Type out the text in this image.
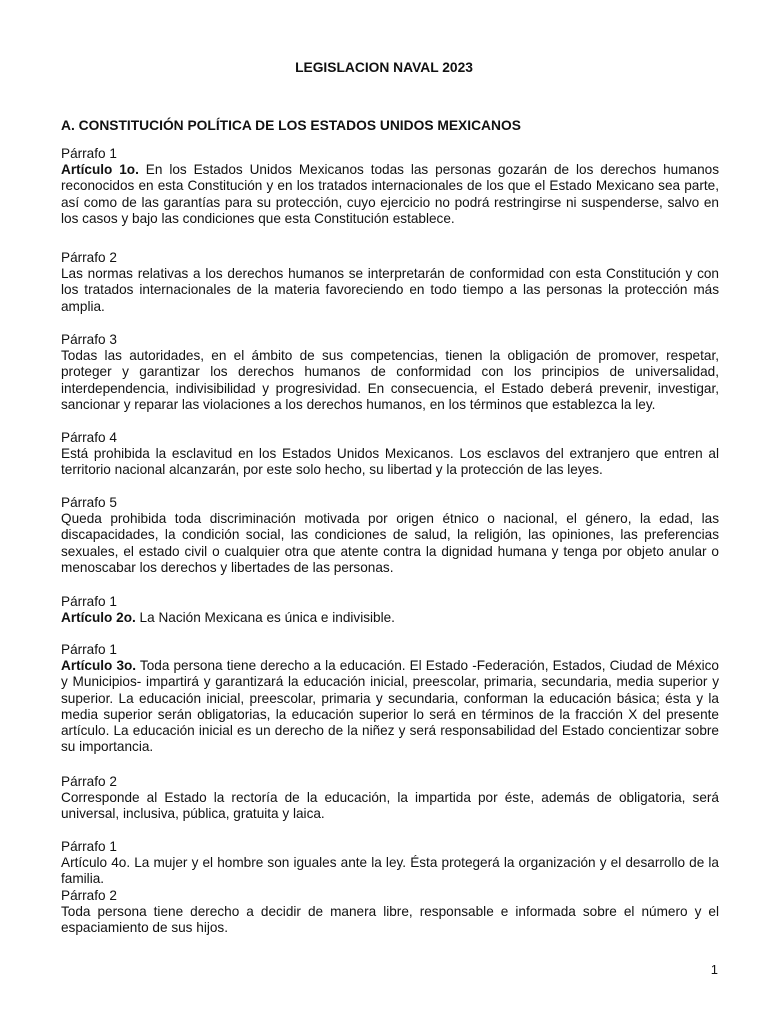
LEGISLACION NAVAL 2023
A. CONSTITUCIÓN POLÍTICA DE LOS ESTADOS UNIDOS MEXICANOS
Párrafo 1
Artículo 1o. En los Estados Unidos Mexicanos todas las personas gozarán de los derechos humanos reconocidos en esta Constitución y en los tratados internacionales de los que el Estado Mexicano sea parte, así como de las garantías para su protección, cuyo ejercicio no podrá restringirse ni suspenderse, salvo en los casos y bajo las condiciones que esta Constitución establece.
Párrafo 2
Las normas relativas a los derechos humanos se interpretarán de conformidad con esta Constitución y con los tratados internacionales de la materia favoreciendo en todo tiempo a las personas la protección más amplia.
Párrafo 3
Todas las autoridades, en el ámbito de sus competencias, tienen la obligación de promover, respetar, proteger y garantizar los derechos humanos de conformidad con los principios de universalidad, interdependencia, indivisibilidad y progresividad. En consecuencia, el Estado deberá prevenir, investigar, sancionar y reparar las violaciones a los derechos humanos, en los términos que establezca la ley.
Párrafo 4
Está prohibida la esclavitud en los Estados Unidos Mexicanos. Los esclavos del extranjero que entren al territorio nacional alcanzarán, por este solo hecho, su libertad y la protección de las leyes.
Párrafo 5
Queda prohibida toda discriminación motivada por origen étnico o nacional, el género, la edad, las discapacidades, la condición social, las condiciones de salud, la religión, las opiniones, las preferencias sexuales, el estado civil o cualquier otra que atente contra la dignidad humana y tenga por objeto anular o menoscabar los derechos y libertades de las personas.
Párrafo 1
Artículo 2o. La Nación Mexicana es única e indivisible.
Párrafo 1
Artículo 3o. Toda persona tiene derecho a la educación. El Estado -Federación, Estados, Ciudad de México y Municipios- impartirá y garantizará la educación inicial, preescolar, primaria, secundaria, media superior y superior. La educación inicial, preescolar, primaria y secundaria, conforman la educación básica; ésta y la media superior serán obligatorias, la educación superior lo será en términos de la fracción X del presente artículo. La educación inicial es un derecho de la niñez y será responsabilidad del Estado concientizar sobre su importancia.
Párrafo 2
Corresponde al Estado la rectoría de la educación, la impartida por éste, además de obligatoria, será universal, inclusiva, pública, gratuita y laica.
Párrafo 1
Artículo 4o. La mujer y el hombre son iguales ante la ley. Ésta protegerá la organización y el desarrollo de la familia.
Párrafo 2
Toda persona tiene derecho a decidir de manera libre, responsable e informada sobre el número y el espaciamiento de sus hijos.
1
